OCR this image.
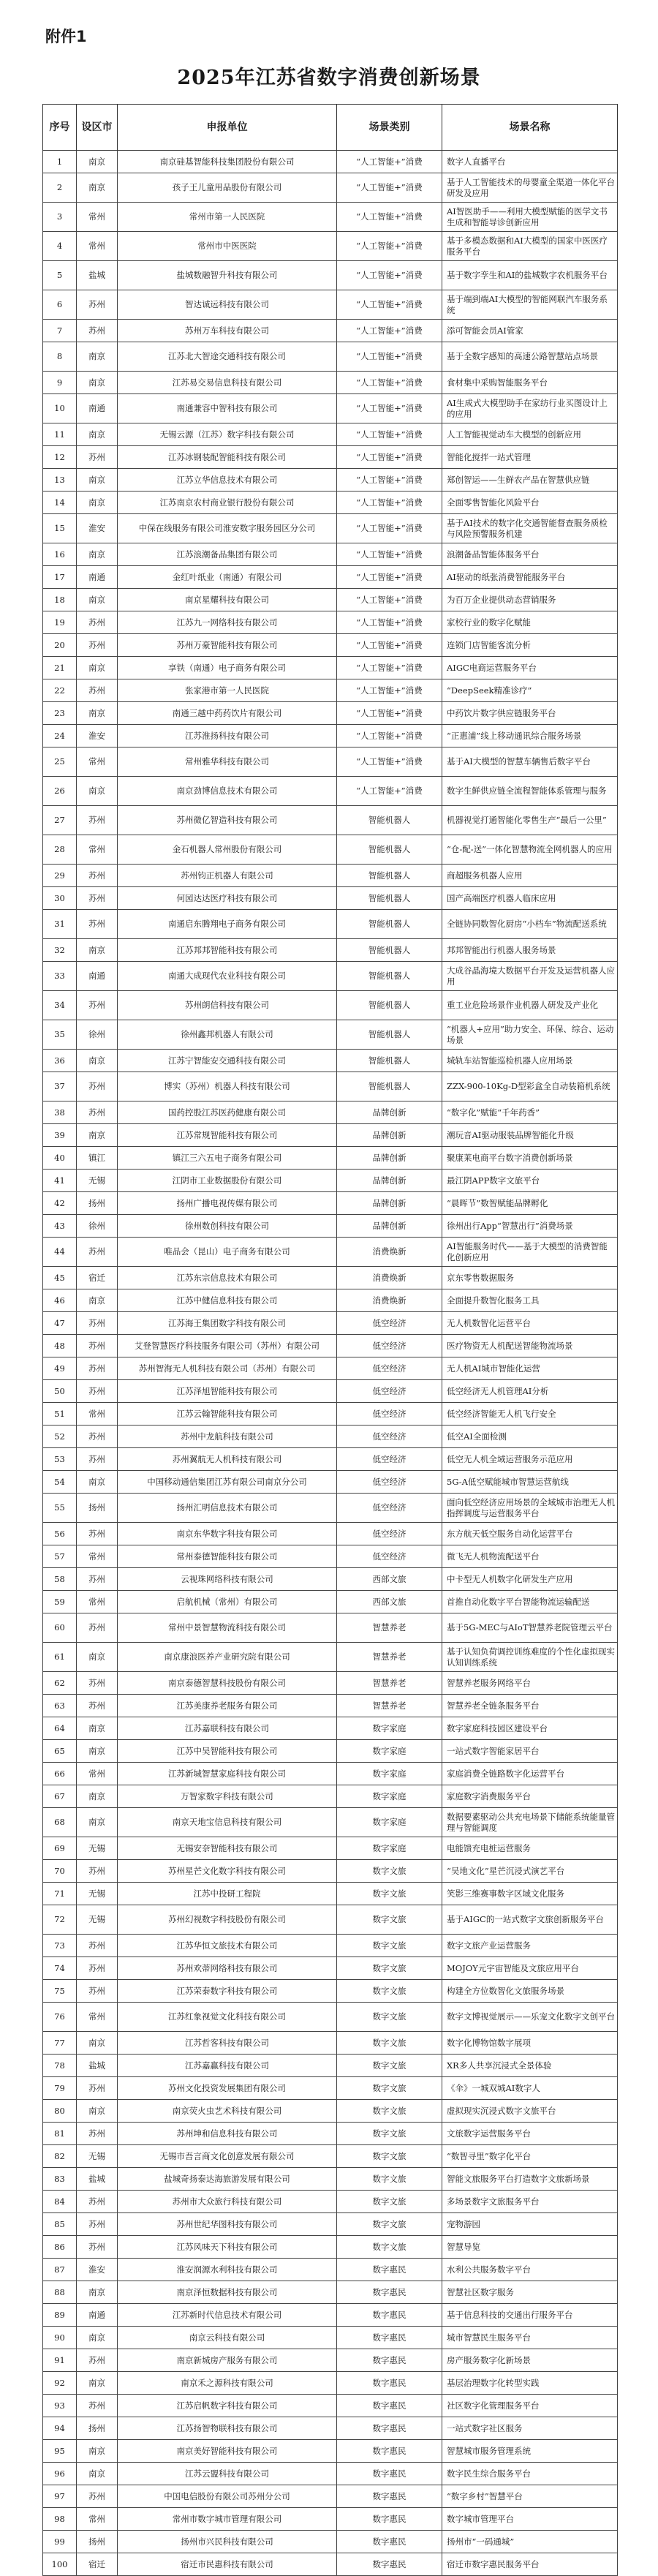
附件1
2025年江苏省数字消费创新场景
序号	设区市	申报单位	场景类别	场景名称
1	南京	南京硅基智能科技集团股份有限公司	“人工智能+”消费	数字人直播平台
2	南京	孩子王儿童用品股份有限公司	“人工智能+”消费	基于人工智能技术的母婴童全渠道一体化平台研发及应用
3	常州	常州市第一人民医院	“人工智能+”消费	AI智医助手——利用大模型赋能的医学文书生成和智能导诊创新应用
4	常州	常州市中医医院	“人工智能+”消费	基于多模态数据和AI大模型的国家中医医疗服务平台
5	盐城	盐城数融智升科技有限公司	“人工智能+”消费	基于数字孪生和AI的盐城数字农机服务平台
6	苏州	智达诚远科技有限公司	“人工智能+”消费	基于端到端AI大模型的智能网联汽车服务系统
7	苏州	苏州万车科技有限公司	“人工智能+”消费	添可智能会员AI管家
8	南京	江苏北大智途交通科技有限公司	“人工智能+”消费	基于全数字感知的高速公路智慧站点场景
9	南京	江苏易交易信息科技有限公司	“人工智能+”消费	食材集中采购智能服务平台
10	南通	南通兼容中智科技有限公司	“人工智能+”消费	AI生成式大模型助手在家纺行业买图设计上的应用
11	南京	无锡云源（江苏）数字科技有限公司	“人工智能+”消费	人工智能视觉动车大模型的创新应用
12	苏州	江苏冰钢装配智能科技有限公司	“人工智能+”消费	智能化搅拌一站式管理
13	南京	江苏立华信息技术有限公司	“人工智能+”消费	郑创智运——生鲜农产品在智慧供应链
14	南京	江苏南京农村商业银行股份有限公司	“人工智能+”消费	全面零售智能化风险平台
15	淮安	中保在线服务有限公司淮安数字服务园区分公司	“人工智能+”消费	基于AI技术的数字化交通智能督查服务质检与风险预警服务机建
16	南京	江苏浪潮备品集团有限公司	“人工智能+”消费	浪潮备品智能体服务平台
17	南通	金红叶纸业（南通）有限公司	“人工智能+”消费	AI驱动的纸张消费智能服务平台
18	南京	南京星耀科技有限公司	“人工智能+”消费	为百万企业提供动态营销服务
19	苏州	江苏九一网络科技有限公司	“人工智能+”消费	家校行业的数字化赋能
20	苏州	苏州万豪智能科技有限公司	“人工智能+”消费	连锁门店智能客流分析
21	南京	享铁（南通）电子商务有限公司	“人工智能+”消费	AIGC电商运营服务平台
22	苏州	张家港市第一人民医院	“人工智能+”消费	“DeepSeek精准诊疗”
23	南京	南通三越中药药饮片有限公司	“人工智能+”消费	中药饮片数字供应链服务平台
24	淮安	江苏淮扬科技有限公司	“人工智能+”消费	“正惠浦”线上移动通讯综合服务场景
25	常州	常州雅华科技有限公司	“人工智能+”消费	基于AI大模型的智慧车辆售后数字平台
26	南京	南京劲博信息技术有限公司	“人工智能+”消费	数字生鲜供应链全流程智能体系管理与服务
27	苏州	苏州微亿智造科技有限公司	智能机器人	机器视觉打通智能化零售生产“最后一公里”
28	常州	金石机器人常州股份有限公司	智能机器人	“仓-配-送”一体化智慧物流全网机器人的应用
29	苏州	苏州钧正机器人有限公司	智能机器人	商超服务机器人应用
30	苏州	何园达达医疗科技有限公司	智能机器人	国产高端医疗机器人临床应用
31	苏州	南通启东腾翔电子商务有限公司	智能机器人	全链协同数智化厨房“小档车”物流配送系统
32	南京	江苏邦邦智能科技有限公司	智能机器人	邦邦智能出行机器人服务场景
33	南通	南通大成现代农业科技有限公司	智能机器人	大成谷晶海境大数据平台开发及运营机器人应用
34	苏州	苏州朗信科技有限公司	智能机器人	重工业危险场景作业机器人研发及产业化
35	徐州	徐州鑫邦机器人有限公司	智能机器人	“机器人+应用”助力安全、环保、综合、运动场景
36	南京	江苏宁智能安交通科技有限公司	智能机器人	城轨车站智能巡检机器人应用场景
37	苏州	博实（苏州）机器人科技有限公司	智能机器人	ZZX-900-10Kg-D型彩盒全自动装箱机系统
38	苏州	国药控股江苏医药健康有限公司	品牌创新	“数字化”赋能“千年药香”
39	南京	江苏常规智能科技有限公司	品牌创新	潮玩音AI驱动服装品牌智能化升级
40	镇江	镇江三六五电子商务有限公司	品牌创新	聚康莱电商平台数字消费创新场景
41	无锡	江阴市工业数据股份有限公司	品牌创新	最江阴APP数字文旅平台
42	扬州	扬州广播电视传媒有限公司	品牌创新	“晨晖节”数智赋能品牌孵化
43	徐州	徐州数创科技有限公司	品牌创新	徐州出行App“智慧出行”消费场景
44	苏州	唯品会（昆山）电子商务有限公司	消费焕新	AI智能服务时代——基于大模型的消费智能化创新应用
45	宿迁	江苏东宗信息技术有限公司	消费焕新	京东零售数据服务
46	南京	江苏中健信息科技有限公司	消费焕新	全面提升数智化服务工具
47	苏州	江苏海王集团数字科技有限公司	低空经济	无人机数智化运营平台
48	苏州	艾登智慧医疗科技服务有限公司（苏州）有限公司	低空经济	医疗物资无人机配送智能物流场景
49	苏州	苏州智海无人机科技有限公司（苏州）有限公司	低空经济	无人机AI城市智能化运营
50	苏州	江苏泽旭智能科技有限公司	低空经济	低空经济无人机管理AI分析
51	常州	江苏云翰智能科技有限公司	低空经济	低空经济智能无人机飞行安全
52	苏州	苏州中龙航科技有限公司	低空经济	低空AI全面检测
53	苏州	苏州翼航无人机科技有限公司	低空经济	低空无人机全域运营服务示范应用
54	南京	中国移动通信集团江苏有限公司南京分公司	低空经济	5G-A低空赋能城市智慧运营航线
55	扬州	扬州汇明信息技术有限公司	低空经济	面向低空经济应用场景的全域城市治理无人机指挥调度与运营服务平台
56	苏州	南京东华数字科技有限公司	低空经济	东方航天低空服务自动化运营平台
57	常州	常州泰德智能科技有限公司	低空经济	微飞无人机物流配送平台
58	苏州	云视珠网络科技有限公司	西部文旅	中卡型无人机数字化研发生产应用
59	常州	启航机械（常州）有限公司	西部文旅	首推自动化数字平台智能物流运输配送
60	苏州	常州中景智慧物流科技有限公司	智慧养老	基于5G-MEC与AIoT智慧养老院管理云平台
61	南京	南京康浪医养产业研究院有限公司	智慧养老	基于认知负荷调控训练难度的个性化虚拟现实认知训练系统
62	苏州	南京泰德智慧科技股份有限公司	智慧养老	智慧养老服务网络平台
63	苏州	江苏美康养老服务有限公司	智慧养老	智慧养老全链条服务平台
64	南京	江苏嘉联科技有限公司	数字家庭	数字家庭科技园区建设平台
65	南京	江苏中吴智能科技有限公司	数字家庭	一站式数字智能家居平台
66	常州	江苏新城智慧家庭科技有限公司	数字家庭	家庭消费全链路数字化运营平台
67	南京	万智家数字科技有限公司	数字家庭	家庭数字消费服务平台
68	南京	南京天地宝信息科技有限公司	数字家庭	数据要素驱动公共充电场景下储能系统能量管理与智能调度
69	无锡	无锡安奈智能科技有限公司	数字家庭	电能馈充电桩运营服务
70	苏州	苏州星芒文化数字科技有限公司	数字文旅	“吴地文化”星芒沉浸式演艺平台
71	无锡	江苏中投研工程院	数字文旅	笑影三维赛事数字区域文化服务
72	无锡	苏州幻视数字科技股份有限公司	数字文旅	基于AIGC的一站式数字文旅创新服务平台
73	苏州	江苏华恒文旅技术有限公司	数字文旅	数字文旅产业运营服务
74	苏州	苏州欢蒂网络科技有限公司	数字文旅	MOJOY元宇宙智能及文旅应用平台
75	苏州	江苏荣泰数字科技有限公司	数字文旅	构建全方位数智化文旅服务场景
76	常州	江苏红象视觉文化科技有限公司	数字文旅	数字文博视觉展示——乐宠文化数字文创平台
77	南京	江苏哲客科技有限公司	数字文旅	数字化博物馆数字展项
78	盐城	江苏嘉赢科技有限公司	数字文旅	XR多人共享沉浸式全景体验
79	苏州	苏州文化投资发展集团有限公司	数字文旅	《伞》一城双城AI数字人
80	南京	南京荧火虫艺术科技有限公司	数字文旅	虚拟现实沉浸式数字文旅平台
81	苏州	苏州坤和信息科技有限公司	数字文旅	文旅数字运营服务平台
82	无锡	无锡市吾言商文化创意发展有限公司	数字文旅	“数智寻里”数字化平台
83	盐城	盐城奇扬泰达海旅游发展有限公司	数字文旅	智能文旅服务平台打造数字文旅新场景
84	苏州	苏州市大众旅行科技有限公司	数字文旅	多场景数字文旅服务平台
85	苏州	苏州世纪华图科技有限公司	数字文旅	宠物游园
86	苏州	江苏风味天下科技有限公司	数字文旅	智慧导览
87	淮安	淮安润源水利科技有限公司	数字惠民	水利公共服务数字平台
88	南京	南京泽恒数据科技有限公司	数字惠民	智慧社区数字服务
89	南通	江苏新时代信息技术有限公司	数字惠民	基于信息科技的交通出行服务平台
90	南京	南京云科技有限公司	数字惠民	城市智慧民生服务平台
91	苏州	南京新城房产服务有限公司	数字惠民	房产服务数字化新场景
92	南京	南京禾之源科技有限公司	数字惠民	基层治理数字化转型实践
93	苏州	江苏启帆数字科技有限公司	数字惠民	社区数字化管理服务平台
94	扬州	江苏扬智物联科技有限公司	数字惠民	一站式数字社区服务
95	南京	南京美好智能科技有限公司	数字惠民	智慧城市服务管理系统
96	南京	江苏云盟科技有限公司	数字惠民	数字民生综合服务平台
97	苏州	中国电信股份有限公司苏州分公司	数字惠民	“数字乡村”智慧平台
98	常州	常州市数字城市管理有限公司	数字惠民	数字城市管理平台
99	扬州	扬州市兴民科技有限公司	数字惠民	扬州市“一码通城”
100	宿迁	宿迁市民惠科技有限公司	数字惠民	宿迁市数字惠民服务平台
